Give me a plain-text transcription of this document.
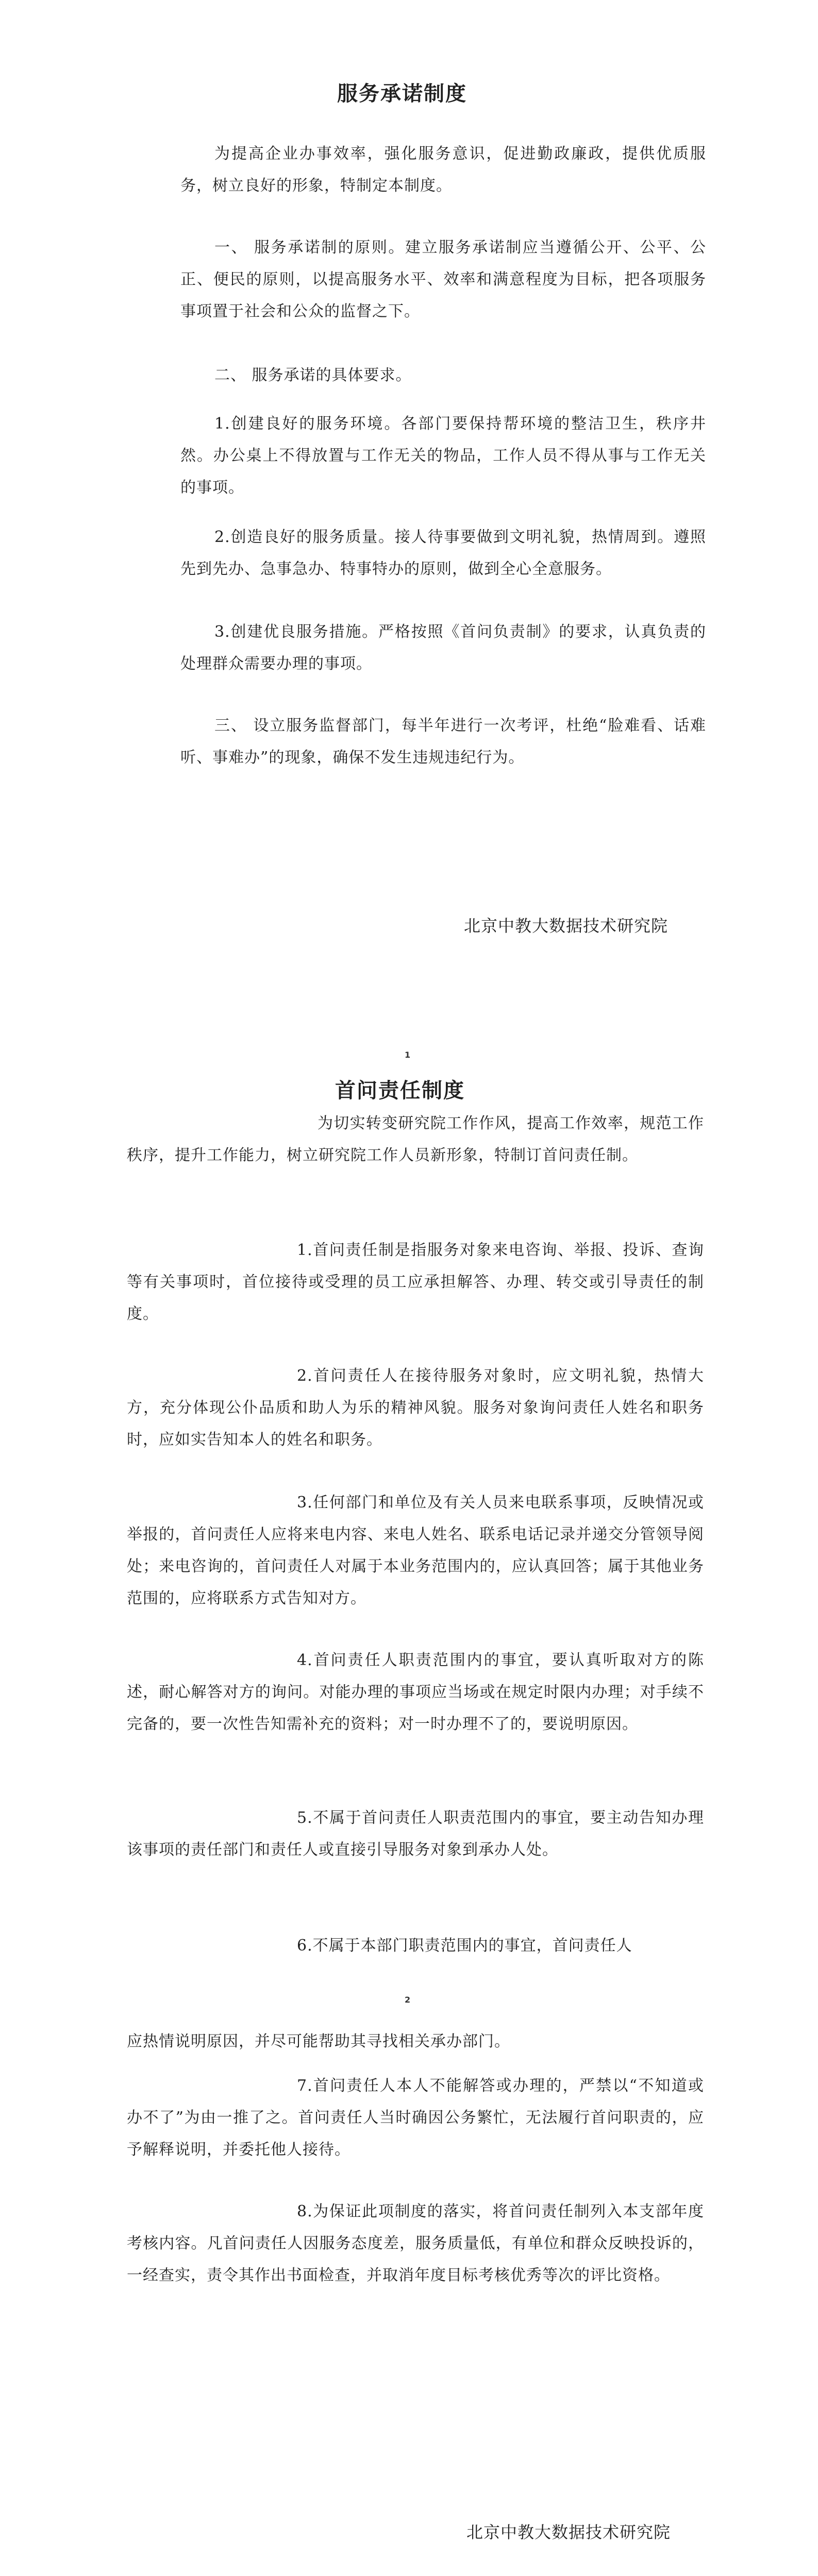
服务承诺制度
为提高企业办事效率，强化服务意识，促进勤政廉政，提供优质服务，树立良好的形象，特制定本制度。
一、 服务承诺制的原则。建立服务承诺制应当遵循公开、公平、公正、便民的原则，以提高服务水平、效率和满意程度为目标，把各项服务事项置于社会和公众的监督之下。
二、 服务承诺的具体要求。
1.创建良好的服务环境。各部门要保持帮环境的整洁卫生，秩序井然。办公桌上不得放置与工作无关的物品，工作人员不得从事与工作无关的事项。
2.创造良好的服务质量。接人待事要做到文明礼貌，热情周到。遵照先到先办、急事急办、特事特办的原则，做到全心全意服务。
3.创建优良服务措施。严格按照《首问负责制》的要求，认真负责的处理群众需要办理的事项。
三、 设立服务监督部门，每半年进行一次考评，杜绝“脸难看、话难听、事难办”的现象，确保不发生违规违纪行为。
北京中教大数据技术研究院
1
首问责任制度
为切实转变研究院工作作风，提高工作效率，规范工作秩序，提升工作能力，树立研究院工作人员新形象，特制订首问责任制。
1.首问责任制是指服务对象来电咨询、举报、投诉、查询等有关事项时，首位接待或受理的员工应承担解答、办理、转交或引导责任的制度。
2.首问责任人在接待服务对象时，应文明礼貌，热情大方，充分体现公仆品质和助人为乐的精神风貌。服务对象询问责任人姓名和职务时，应如实告知本人的姓名和职务。
3.任何部门和单位及有关人员来电联系事项，反映情况或举报的，首问责任人应将来电内容、来电人姓名、联系电话记录并递交分管领导阅处；来电咨询的，首问责任人对属于本业务范围内的，应认真回答；属于其他业务范围的，应将联系方式告知对方。
4.首问责任人职责范围内的事宜，要认真听取对方的陈述，耐心解答对方的询问。对能办理的事项应当场或在规定时限内办理；对手续不完备的，要一次性告知需补充的资料；对一时办理不了的，要说明原因。
5.不属于首问责任人职责范围内的事宜，要主动告知办理该事项的责任部门和责任人或直接引导服务对象到承办人处。
6.不属于本部门职责范围内的事宜，首问责任人
2
应热情说明原因，并尽可能帮助其寻找相关承办部门。
7.首问责任人本人不能解答或办理的，严禁以“不知道或办不了”为由一推了之。首问责任人当时确因公务繁忙，无法履行首问职责的，应予解释说明，并委托他人接待。
8.为保证此项制度的落实，将首问责任制列入本支部年度考核内容。凡首问责任人因服务态度差，服务质量低，有单位和群众反映投诉的，一经查实，责令其作出书面检查，并取消年度目标考核优秀等次的评比资格。
北京中教大数据技术研究院
